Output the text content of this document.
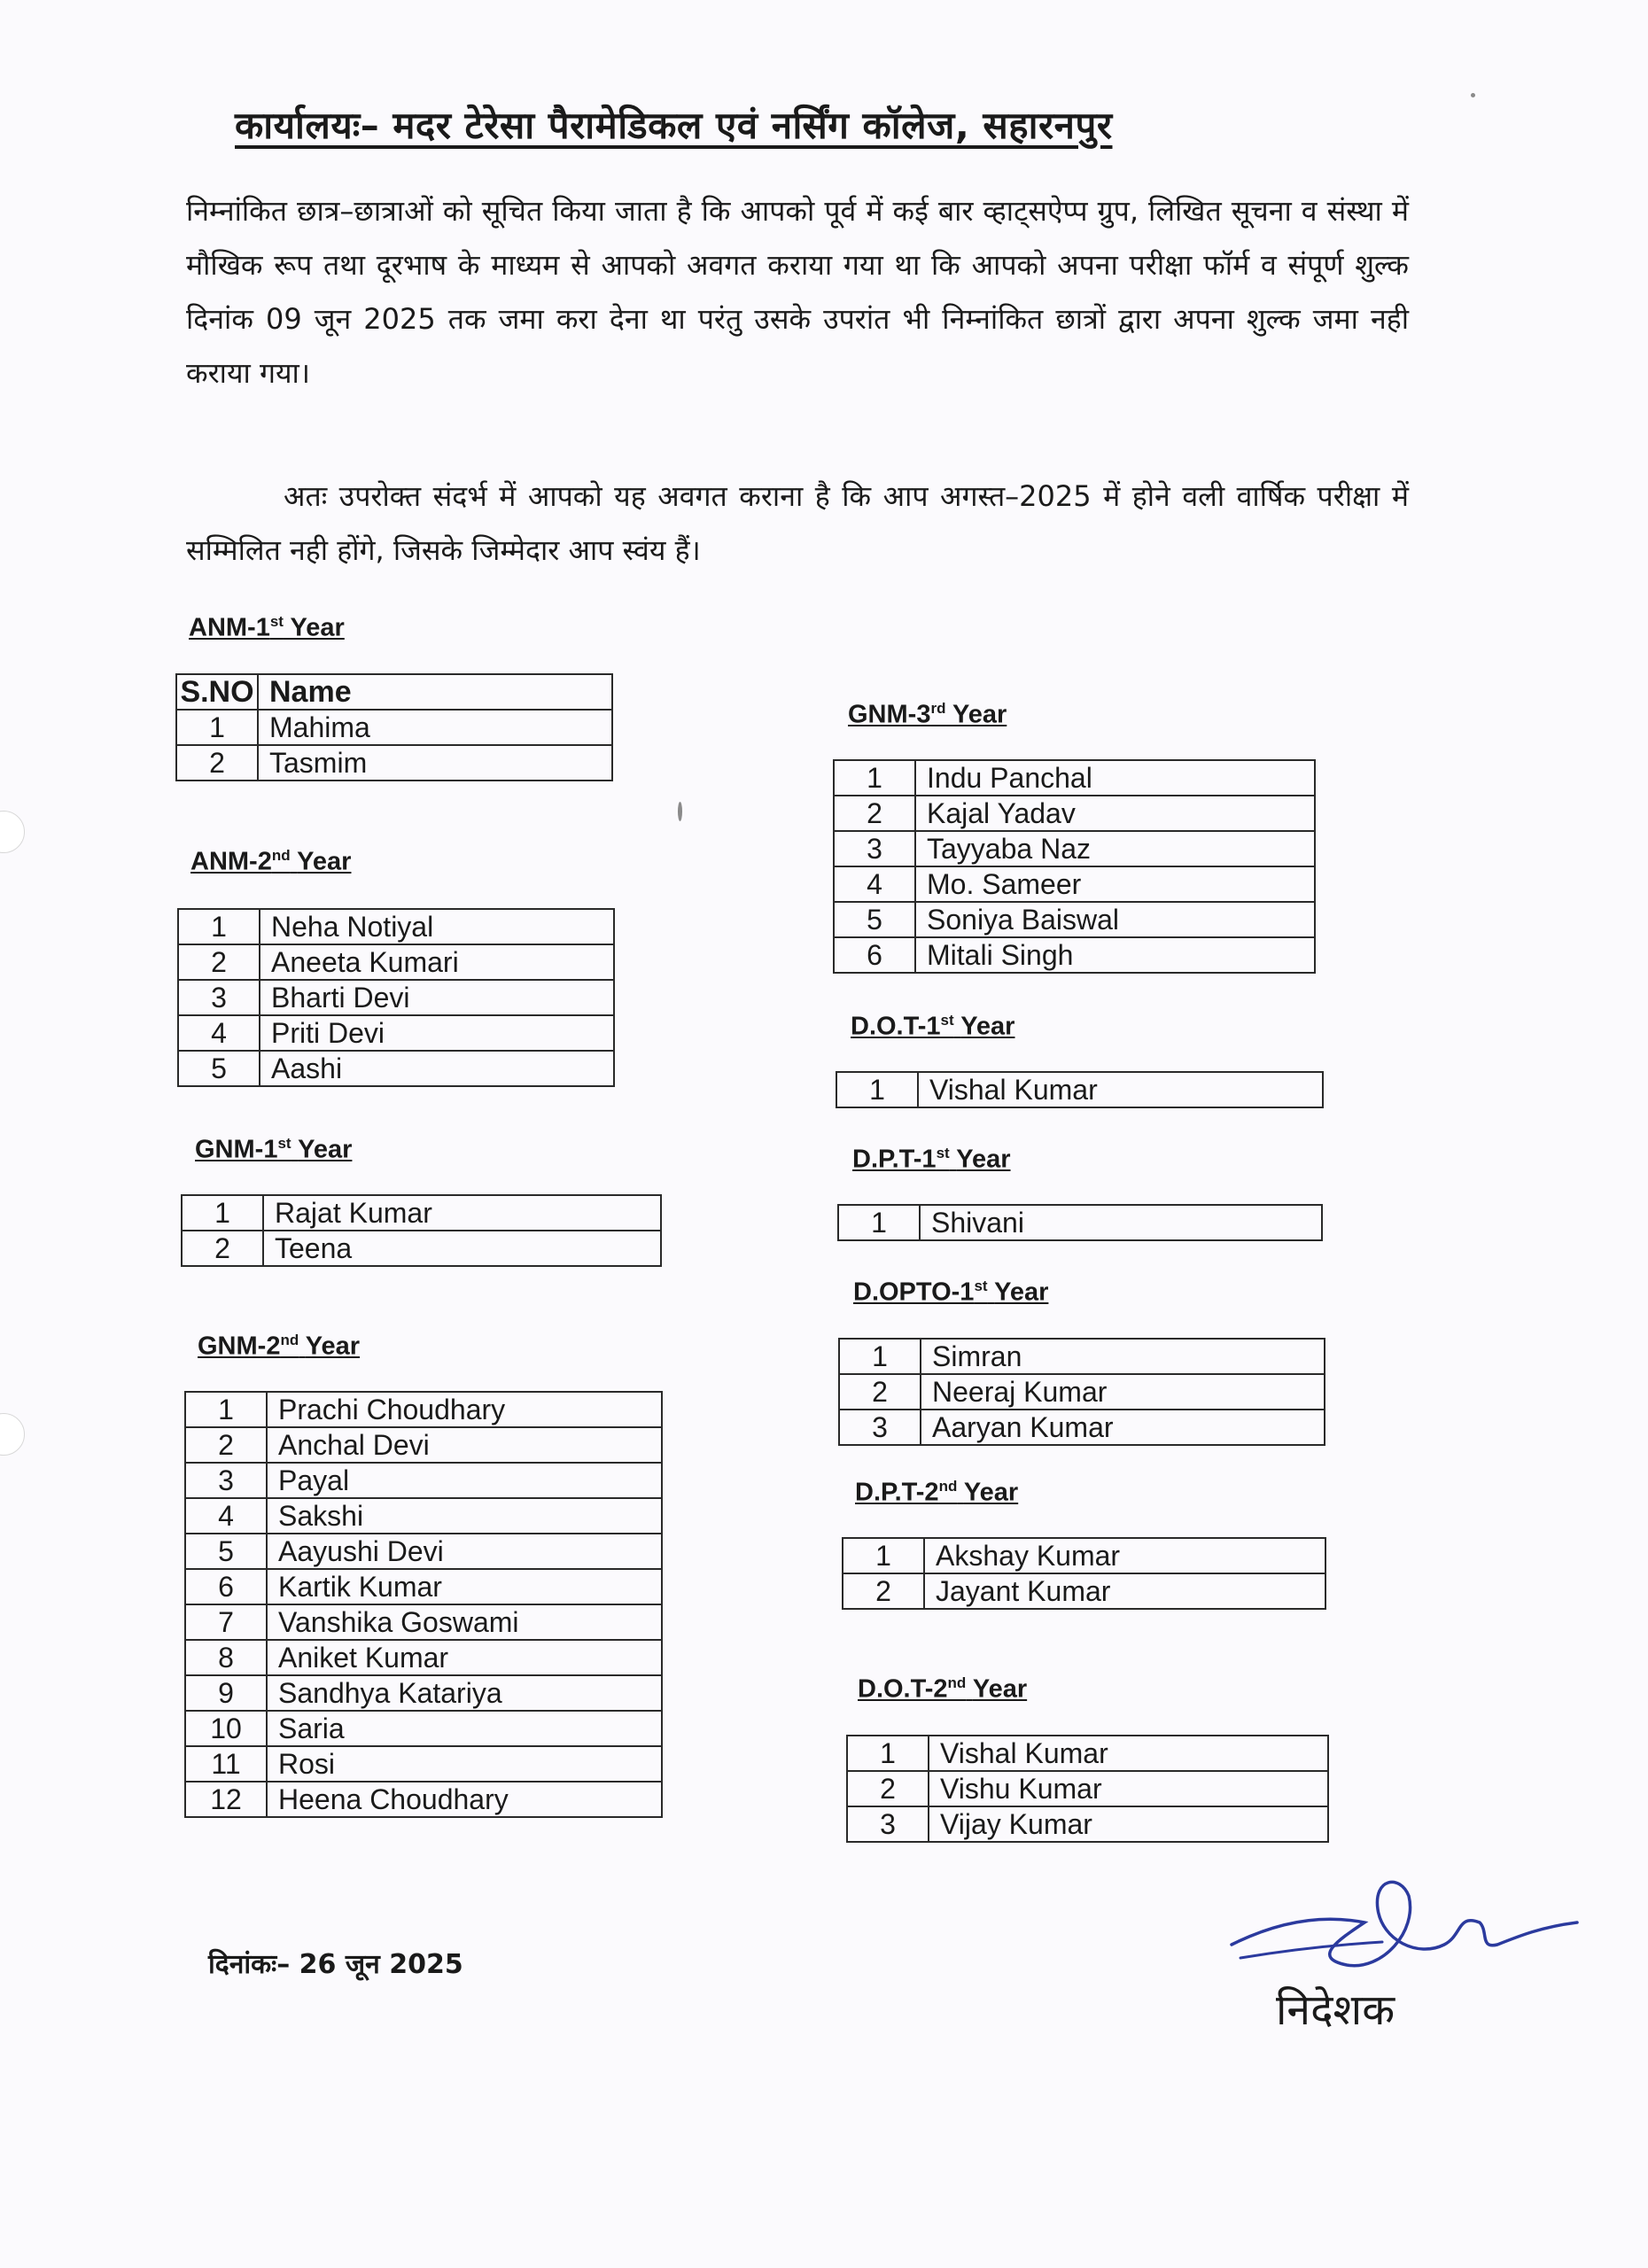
कार्यालयः– मदर टेरेसा पैरामेडिकल एवं नर्सिंग कॉलेज, सहारनपुर

निम्नांकित छात्र–छात्राओं को सूचित किया जाता है कि आपको पूर्व में कई बार व्हाट्सऐप्प ग्रुप, लिखित सूचना व संस्था में मौखिक रूप तथा दूरभाष के माध्यम से आपको अवगत कराया गया था कि आपको अपना परीक्षा फॉर्म व संपूर्ण शुल्क दिनांक 09 जून 2025 तक जमा करा देना था परंतु उसके उपरांत भी निम्नांकित छात्रों द्वारा अपना शुल्क जमा नही कराया गया।

अतः उपरोक्त संदर्भ में आपको यह अवगत कराना है कि आप अगस्त–2025 में होने वली वार्षिक परीक्षा में सम्मिलित नही होंगे, जिसके जिम्मेदार आप स्वंय हैं।

ANM-1st Year
S.NO	Name
1	Mahima
2	Tasmim
ANM-2nd Year
1	Neha Notiyal
2	Aneeta Kumari
3	Bharti Devi
4	Priti Devi
5	Aashi
GNM-1st Year
1	Rajat Kumar
2	Teena
GNM-2nd Year
1	Prachi Choudhary
2	Anchal Devi
3	Payal
4	Sakshi
5	Aayushi Devi
6	Kartik Kumar
7	Vanshika Goswami
8	Aniket Kumar
9	Sandhya Katariya
10	Saria
11	Rosi
12	Heena Choudhary
GNM-3rd Year
1	Indu Panchal
2	Kajal Yadav
3	Tayyaba Naz
4	Mo. Sameer
5	Soniya Baiswal
6	Mitali Singh
D.O.T-1st Year
1	Vishal Kumar
D.P.T-1st Year
1	Shivani
D.OPTO-1st Year
1	Simran
2	Neeraj Kumar
3	Aaryan Kumar
D.P.T-2nd Year
1	Akshay Kumar
2	Jayant Kumar
D.O.T-2nd Year
1	Vishal Kumar
2	Vishu Kumar
3	Vijay Kumar
दिनांकः– 26 जून 2025
निदेशक
